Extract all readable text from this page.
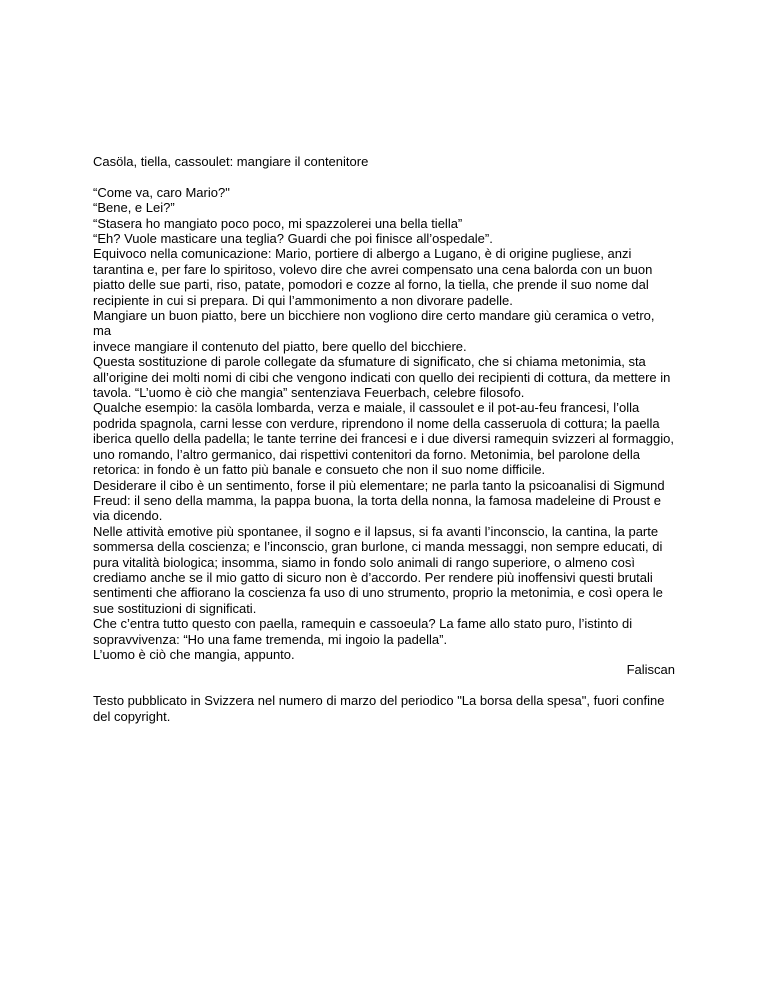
Casöla, tiella, cassoulet: mangiare il contenitore

“Come va, caro Mario?"

“Bene, e Lei?”

“Stasera ho mangiato poco poco, mi spazzolerei una bella tiella”

“Eh? Vuole masticare una teglia? Guardi che poi finisce all’ospedale”.

Equivoco nella comunicazione: Mario, portiere di albergo a Lugano, è di origine pugliese, anzi
tarantina e, per fare lo spiritoso, volevo dire che avrei compensato una cena balorda con un buon
piatto delle sue parti, riso, patate, pomodori e cozze al forno, la tiella, che prende il suo nome dal
recipiente in cui si prepara. Di qui l’ammonimento a non divorare padelle.

Mangiare un buon piatto, bere un bicchiere non vogliono dire certo mandare giù ceramica o vetro, ma
invece mangiare il contenuto del piatto, bere quello del bicchiere.

Questa sostituzione di parole collegate da sfumature di significato, che si chiama metonimia, sta
all’origine dei molti nomi di cibi che vengono indicati con quello dei recipienti di cottura, da mettere in
tavola. “L’uomo è ciò che mangia” sentenziava Feuerbach, celebre filosofo.

Qualche esempio: la casöla lombarda, verza e maiale, il cassoulet e il pot-au-feu francesi, l’olla
podrida spagnola, carni lesse con verdure, riprendono il nome della casseruola di cottura; la paella
iberica quello della padella; le tante terrine dei francesi e i due diversi ramequin svizzeri al formaggio,
uno romando, l’altro germanico, dai rispettivi contenitori da forno. Metonimia, bel parolone della
retorica: in fondo è un fatto più banale e consueto che non il suo nome difficile.

Desiderare il cibo è un sentimento, forse il più elementare; ne parla tanto la psicoanalisi di Sigmund
Freud: il seno della mamma, la pappa buona, la torta della nonna, la famosa madeleine di Proust e
via dicendo.

Nelle attività emotive più spontanee, il sogno e il lapsus, si fa avanti l’inconscio, la cantina, la parte
sommersa della coscienza; e l’inconscio, gran burlone, ci manda messaggi, non sempre educati, di
pura vitalità biologica; insomma, siamo in fondo solo animali di rango superiore, o almeno così
crediamo anche se il mio gatto di sicuro non è d’accordo. Per rendere più inoffensivi questi brutali
sentimenti che affiorano la coscienza fa uso di uno strumento, proprio la metonimia, e così opera le
sue sostituzioni di significati.

Che c’entra tutto questo con paella, ramequin e cassoeula? La fame allo stato puro, l’istinto di
sopravvivenza: “Ho una fame tremenda, mi ingoio la padella”.

L’uomo è ciò che mangia, appunto.

Faliscan

Testo pubblicato in Svizzera nel numero di marzo del periodico "La borsa della spesa", fuori confine
del copyright.
